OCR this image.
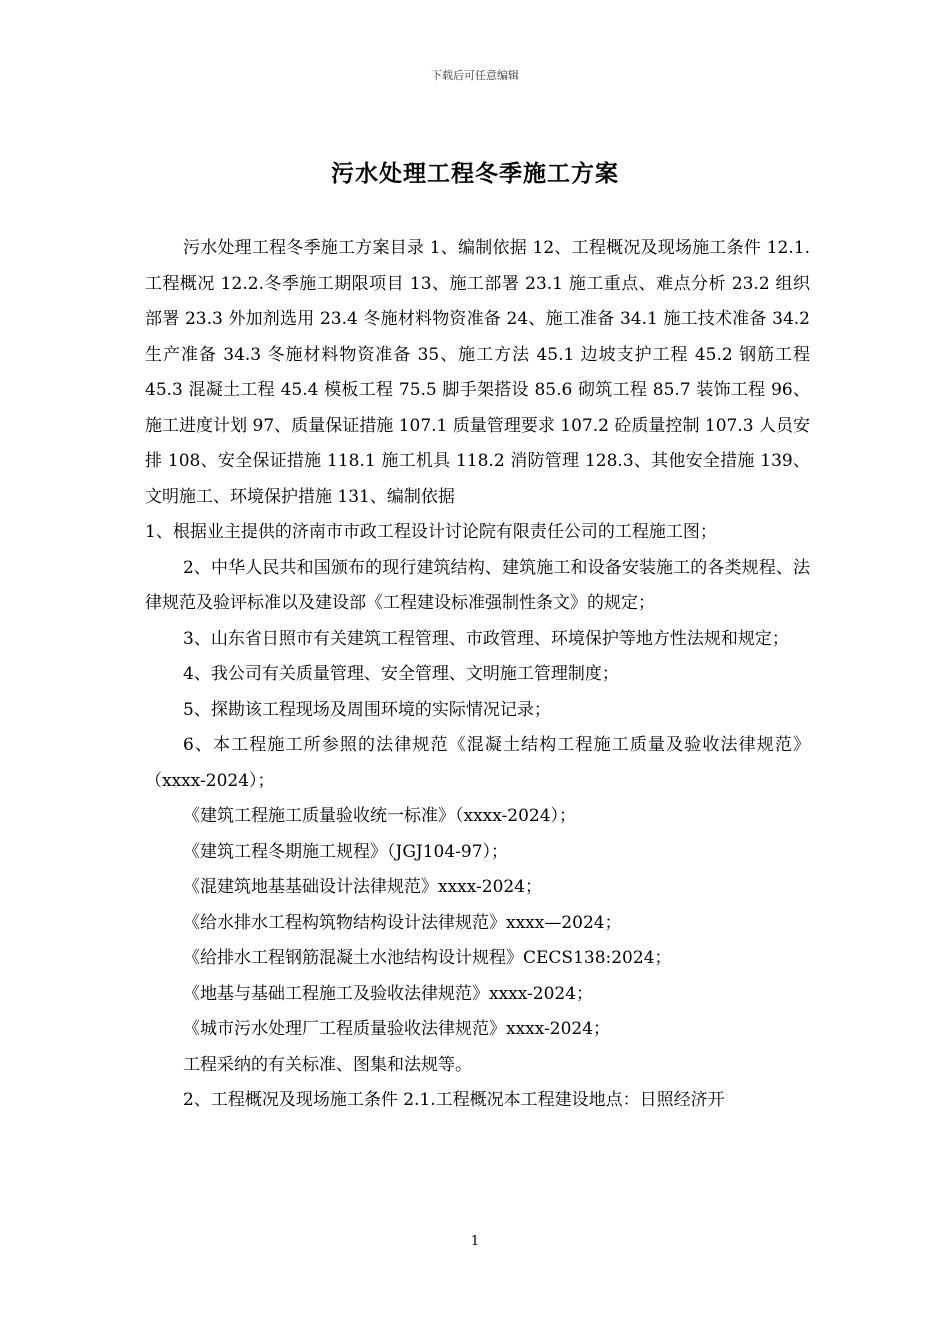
下载后可任意编辑
污水处理工程冬季施工方案

污水处理工程冬季施工方案目录 1、编制依据 12、工程概况及现场施工条件 12.1.工程概况 12.2.冬季施工期限项目 13、施工部署 23.1 施工重点、难点分析 23.2 组织部署 23.3 外加剂选用 23.4 冬施材料物资准备 24、施工准备 34.1 施工技术准备 34.2 生产准备 34.3 冬施材料物资准备 35、施工方法 45.1 边坡支护工程 45.2 钢筋工程 45.3 混凝土工程 45.4 模板工程 75.5 脚手架搭设 85.6 砌筑工程 85.7 装饰工程 96、施工进度计划 97、质量保证措施 107.1 质量管理要求 107.2 砼质量控制 107.3 人员安排 108、安全保证措施 118.1 施工机具 118.2 消防管理 128.3、其他安全措施 139、文明施工、环境保护措施 131、编制依据

1、根据业主提供的济南市市政工程设计讨论院有限责任公司的工程施工图；

2、中华人民共和国颁布的现行建筑结构、建筑施工和设备安装施工的各类规程、法律规范及验评标准以及建设部《工程建设标准强制性条文》的规定；

3、山东省日照市有关建筑工程管理、市政管理、环境保护等地方性法规和规定；

4、我公司有关质量管理、安全管理、文明施工管理制度；

5、探勘该工程现场及周围环境的实际情况记录；

6、本工程施工所参照的法律规范《混凝土结构工程施工质量及验收法律规范》（xxxx-2024）；

《建筑工程施工质量验收统一标准》（xxxx-2024）；

《建筑工程冬期施工规程》（JGJ104-97）；

《混建筑地基基础设计法律规范》xxxx-2024；

《给水排水工程构筑物结构设计法律规范》xxxx—2024；

《给排水工程钢筋混凝土水池结构设计规程》CECS138:2024；

《地基与基础工程施工及验收法律规范》xxxx-2024；

《城市污水处理厂工程质量验收法律规范》xxxx-2024；

工程采纳的有关标准、图集和法规等。

2、工程概况及现场施工条件 2.1.工程概况本工程建设地点：日照经济开

1
